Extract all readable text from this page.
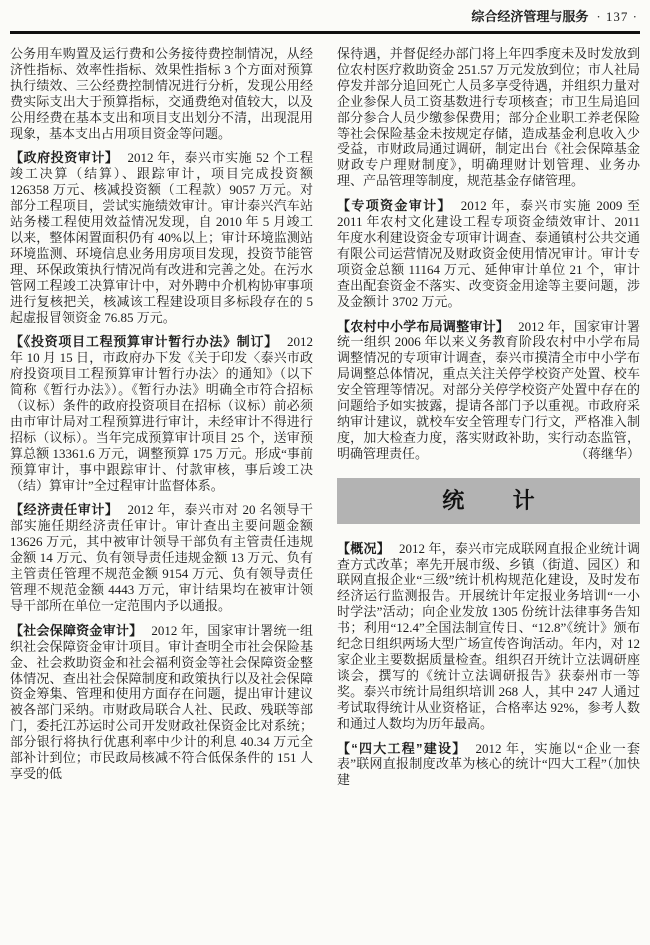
综合经济管理与服务 · 137 ·

公务用车购置及运行费和公务接待费控制情况，从经济性指标、效率性指标、效果性指标 3 个方面对预算执行绩效、三公经费控制情况进行分析，发现公用经费实际支出大于预算指标，交通费绝对值较大，以及公用经费在基本支出和项目支出划分不清，出现混用现象，基本支出占用项目资金等问题。

【政府投资审计】 2012 年，泰兴市实施 52 个工程竣工决算（结算）、跟踪审计，项目完成投资额 126358 万元、核减投资额（工程款）9057 万元。对部分工程项目，尝试实施绩效审计。审计泰兴汽车站站务楼工程使用效益情况发现，自 2010 年 5 月竣工以来，整体闲置面积仍有 40%以上；审计环境监测站环境监测、环境信息业务用房项目发现，投资节能管理、环保政策执行情况尚有改进和完善之处。在污水管网工程竣工决算审计中，对外聘中介机构协审事项进行复核把关，核减该工程建设项目多标段存在的 5 起虚报冒领资金 76.85 万元。

【《投资项目工程预算审计暂行办法》制订】 2012 年 10 月 15 日，市政府办下发《关于印发〈泰兴市政府投资项目工程预算审计暂行办法〉的通知》（以下简称《暂行办法》）。《暂行办法》明确全市符合招标（议标）条件的政府投资项目在招标（议标）前必须由市审计局对工程预算进行审计，未经审计不得进行招标（议标）。当年完成预算审计项目 25 个，送审预算总额 13361.6 万元，调整预算 175 万元。形成“事前预算审计，事中跟踪审计、付款审核，事后竣工决（结）算审计”全过程审计监督体系。

【经济责任审计】 2012 年，泰兴市对 20 名领导干部实施任期经济责任审计。审计查出主要问题金额 13626 万元，其中被审计领导干部负有主管责任违规金额 14 万元、负有领导责任违规金额 13 万元、负有主管责任管理不规范金额 9154 万元、负有领导责任管理不规范金额 4443 万元，审计结果均在被审计领导干部所在单位一定范围内予以通报。

【社会保障资金审计】 2012 年，国家审计署统一组织社会保障资金审计项目。审计查明全市社会保险基金、社会救助资金和社会福利资金等社会保障资金整体情况、查出社会保障制度和政策执行以及社会保障资金筹集、管理和使用方面存在问题，提出审计建议被各部门采纳。市财政局联合人社、民政、残联等部门，委托江苏运时公司开发财政社保资金比对系统；部分银行将执行优惠利率中少计的利息 40.34 万元全部补计到位；市民政局核减不符合低保条件的 151 人享受的低

保待遇，并督促经办部门将上年四季度未及时发放到位农村医疗救助资金 251.57 万元发放到位；市人社局停发并部分追回死亡人员多享受待遇，并组织力量对企业参保人员工资基数进行专项核查；市卫生局追回部分参合人员少缴参保费用；部分企业职工养老保险等社会保险基金未按规定存储，造成基金利息收入少受益，市财政局通过调研，制定出台《社会保障基金财政专户理财制度》，明确理财计划管理、业务办理、产品管理等制度，规范基金存储管理。

【专项资金审计】 2012 年，泰兴市实施 2009 至 2011 年农村文化建设工程专项资金绩效审计、2011 年度水利建设资金专项审计调查、泰通镇村公共交通有限公司运营情况及财政资金使用情况审计。审计专项资金总额 11164 万元、延伸审计单位 21 个，审计查出配套资金不落实、改变资金用途等主要问题，涉及金额计 3702 万元。

【农村中小学布局调整审计】 2012 年，国家审计署统一组织 2006 年以来义务教育阶段农村中小学布局调整情况的专项审计调查，泰兴市摸清全市中小学布局调整总体情况，重点关注关停学校资产处置、校车安全管理等情况。对部分关停学校资产处置中存在的问题给予如实披露，提请各部门予以重视。市政府采纳审计建议，就校车安全管理专门行文，严格准入制度，加大检查力度，落实财政补助，实行动态监管，明确管理责任。	（蒋继华）

统计

【概况】 2012 年，泰兴市完成联网直报企业统计调查方式改革；率先开展市级、乡镇（街道、园区）和联网直报企业“三级”统计机构规范化建设，及时发布经济运行监测报告。开展统计年定报业务培训“一小时学法”活动；向企业发放 1305 份统计法律事务告知书；利用“12.4”全国法制宣传日、“12.8”《统计》颁布纪念日组织两场大型广场宣传咨询活动。年内，对 12 家企业主要数据质量检查。组织召开统计立法调研座谈会，撰写的《统计立法调研报告》获泰州市一等奖。泰兴市统计局组织培训 268 人，其中 247 人通过考试取得统计从业资格证，合格率达 92%，参考人数和通过人数均为历年最高。

【“四大工程”建设】 2012 年，实施以“企业一套表”联网直报制度改革为核心的统计“四大工程”（加快建
